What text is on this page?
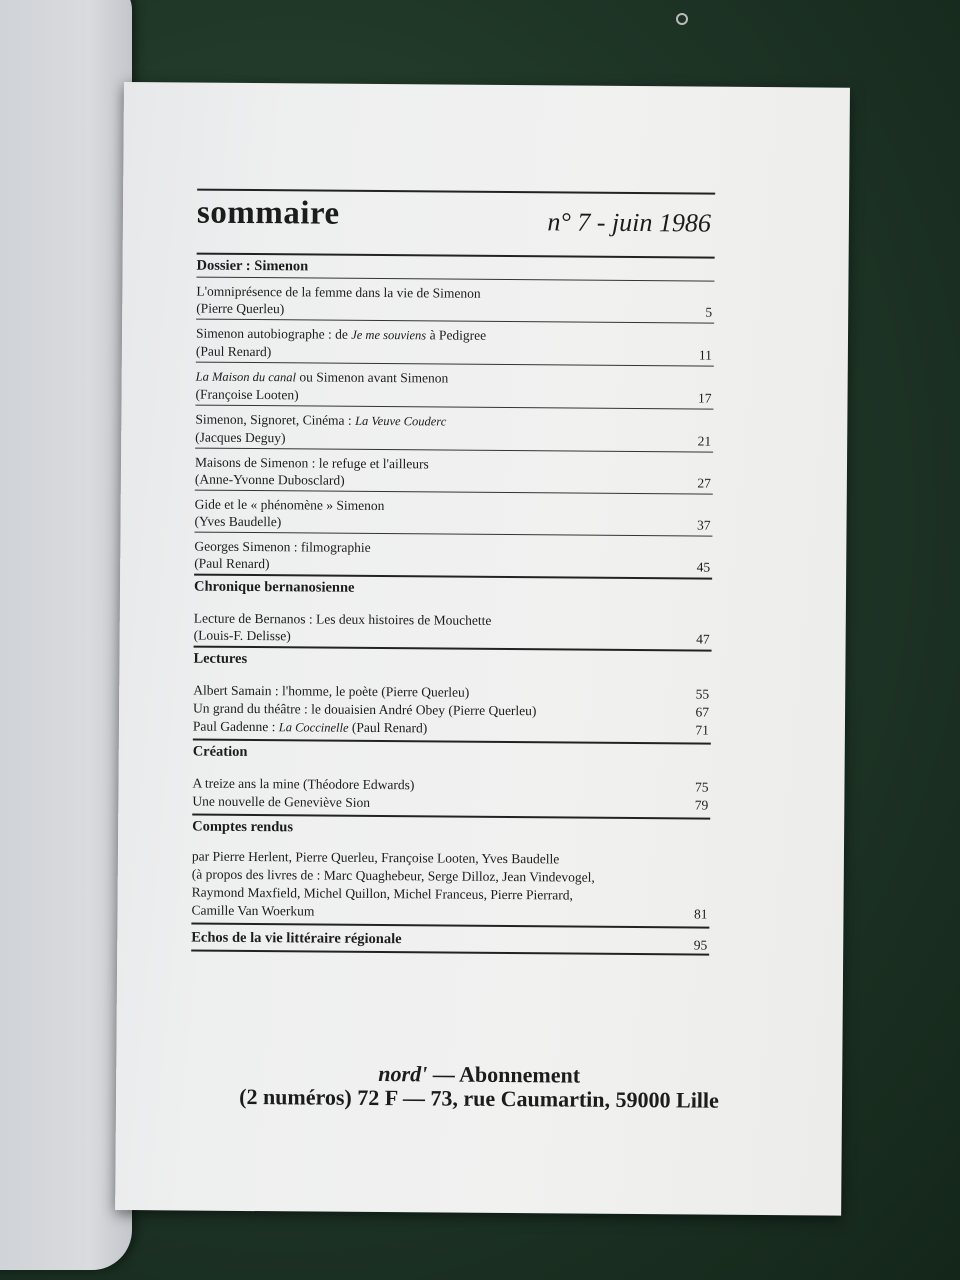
sommaire	n° 7 - juin 1986
Dossier : Simenon
L'omniprésence de la femme dans la vie de Simenon
(Pierre Querleu)	5
Simenon autobiographe : de Je me souviens à Pedigree
(Paul Renard)	11
La Maison du canal ou Simenon avant Simenon
(Françoise Looten)	17
Simenon, Signoret, Cinéma : La Veuve Couderc
(Jacques Deguy)	21
Maisons de Simenon : le refuge et l'ailleurs
(Anne-Yvonne Dubosclard)	27
Gide et le « phénomène » Simenon
(Yves Baudelle)	37
Georges Simenon : filmographie
(Paul Renard)	45
Chronique bernanosienne
Lecture de Bernanos : Les deux histoires de Mouchette
(Louis-F. Delisse)	47
Lectures
Albert Samain : l'homme, le poète (Pierre Querleu)	55
Un grand du théâtre : le douaisien André Obey (Pierre Querleu)	67
Paul Gadenne : La Coccinelle (Paul Renard)	71
Création
A treize ans la mine (Théodore Edwards)	75
Une nouvelle de Geneviève Sion	79
Comptes rendus
par Pierre Herlent, Pierre Querleu, Françoise Looten, Yves Baudelle
(à propos des livres de : Marc Quaghebeur, Serge Dilloz, Jean Vindevogel,
Raymond Maxfield, Michel Quillon, Michel Franceus, Pierre Pierrard,
Camille Van Woerkum	81
Echos de la vie littéraire régionale	95
nord' — Abonnement
(2 numéros) 72 F — 73, rue Caumartin, 59000 Lille
